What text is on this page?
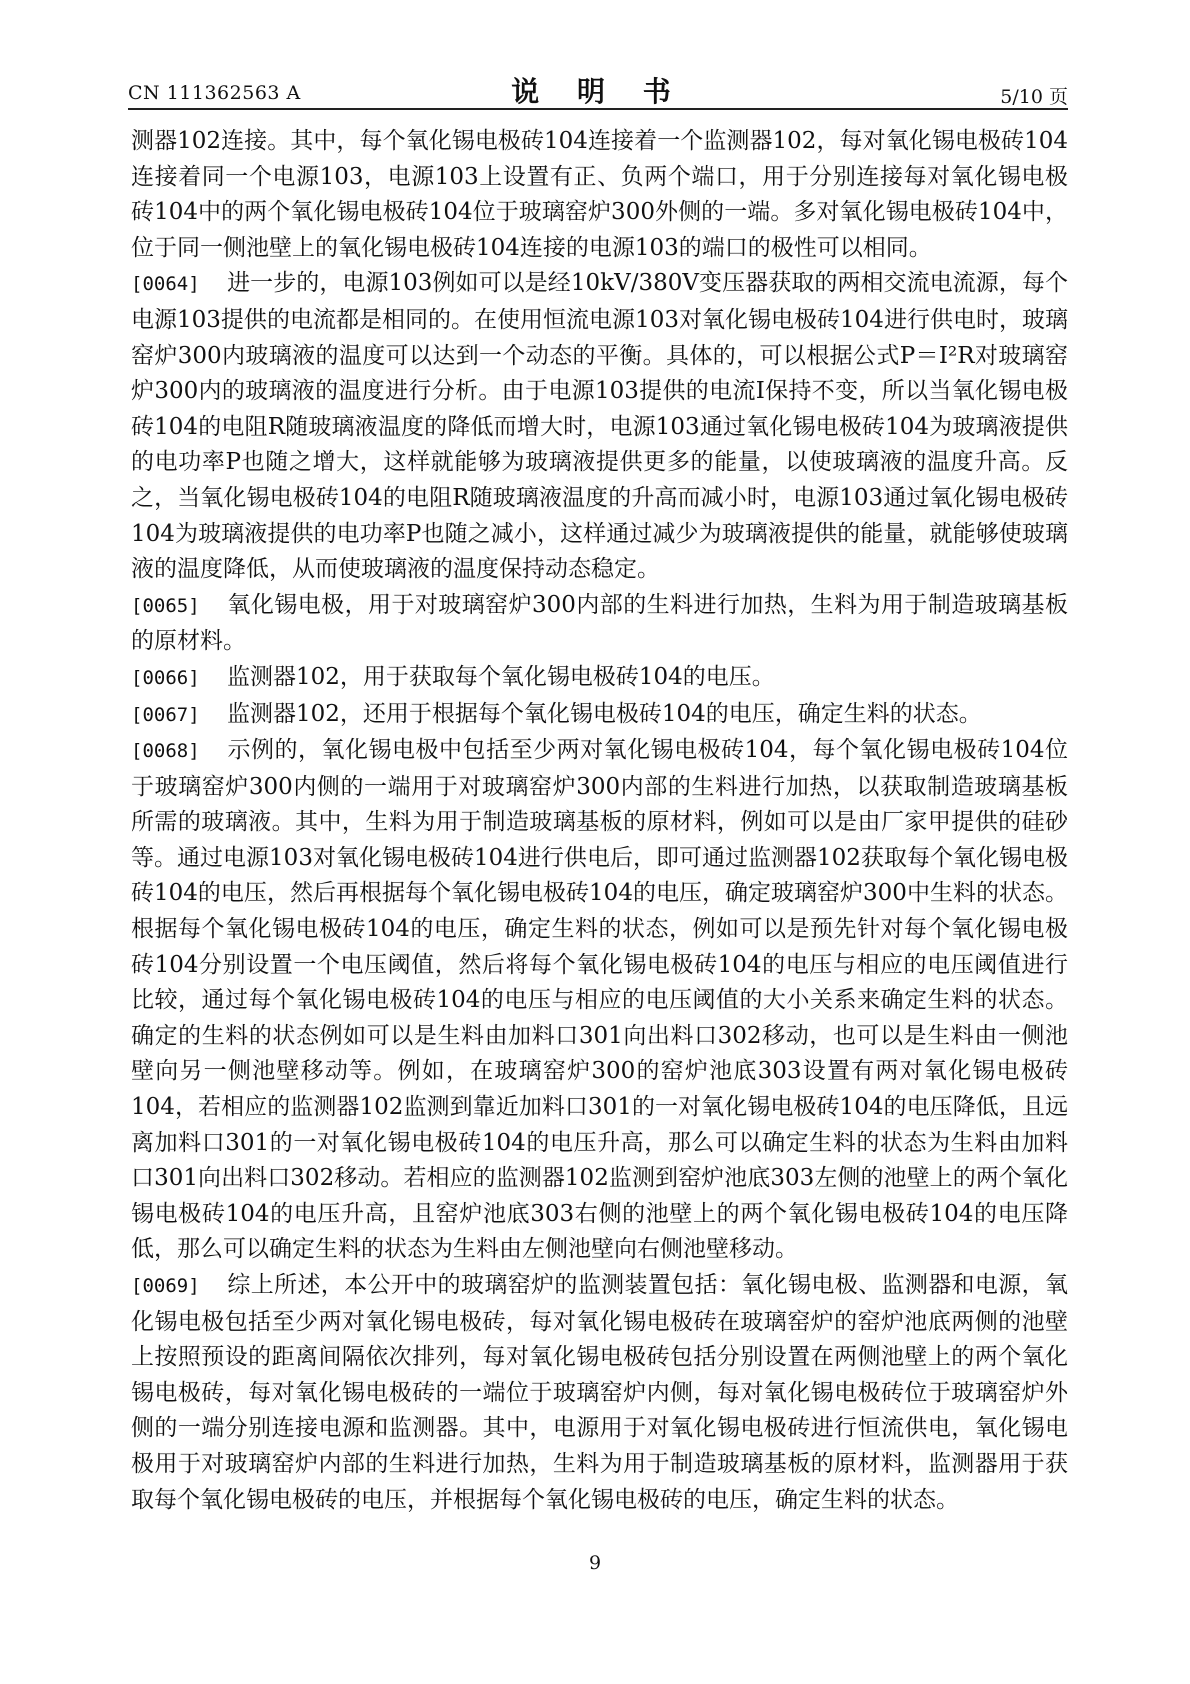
CN 111362563 A	说 明 书	5/10 页

测器102连接。其中，每个氧化锡电极砖104连接着一个监测器102，每对氧化锡电极砖104连接着同一个电源103，电源103上设置有正、负两个端口，用于分别连接每对氧化锡电极砖104中的两个氧化锡电极砖104位于玻璃窑炉300外侧的一端。多对氧化锡电极砖104中，位于同一侧池壁上的氧化锡电极砖104连接的电源103的端口的极性可以相同。

[0064] 进一步的，电源103例如可以是经10kV/380V变压器获取的两相交流电流源，每个电源103提供的电流都是相同的。在使用恒流电源103对氧化锡电极砖104进行供电时，玻璃窑炉300内玻璃液的温度可以达到一个动态的平衡。具体的，可以根据公式P＝I²R对玻璃窑炉300内的玻璃液的温度进行分析。由于电源103提供的电流I保持不变，所以当氧化锡电极砖104的电阻R随玻璃液温度的降低而增大时，电源103通过氧化锡电极砖104为玻璃液提供的电功率P也随之增大，这样就能够为玻璃液提供更多的能量，以使玻璃液的温度升高。反之，当氧化锡电极砖104的电阻R随玻璃液温度的升高而减小时，电源103通过氧化锡电极砖104为玻璃液提供的电功率P也随之减小，这样通过减少为玻璃液提供的能量，就能够使玻璃液的温度降低，从而使玻璃液的温度保持动态稳定。

[0065] 氧化锡电极，用于对玻璃窑炉300内部的生料进行加热，生料为用于制造玻璃基板的原材料。

[0066] 监测器102，用于获取每个氧化锡电极砖104的电压。

[0067] 监测器102，还用于根据每个氧化锡电极砖104的电压，确定生料的状态。

[0068] 示例的，氧化锡电极中包括至少两对氧化锡电极砖104，每个氧化锡电极砖104位于玻璃窑炉300内侧的一端用于对玻璃窑炉300内部的生料进行加热，以获取制造玻璃基板所需的玻璃液。其中，生料为用于制造玻璃基板的原材料，例如可以是由厂家甲提供的硅砂等。通过电源103对氧化锡电极砖104进行供电后，即可通过监测器102获取每个氧化锡电极砖104的电压，然后再根据每个氧化锡电极砖104的电压，确定玻璃窑炉300中生料的状态。根据每个氧化锡电极砖104的电压，确定生料的状态，例如可以是预先针对每个氧化锡电极砖104分别设置一个电压阈值，然后将每个氧化锡电极砖104的电压与相应的电压阈值进行比较，通过每个氧化锡电极砖104的电压与相应的电压阈值的大小关系来确定生料的状态。确定的生料的状态例如可以是生料由加料口301向出料口302移动，也可以是生料由一侧池壁向另一侧池壁移动等。例如，在玻璃窑炉300的窑炉池底303设置有两对氧化锡电极砖104，若相应的监测器102监测到靠近加料口301的一对氧化锡电极砖104的电压降低，且远离加料口301的一对氧化锡电极砖104的电压升高，那么可以确定生料的状态为生料由加料口301向出料口302移动。若相应的监测器102监测到窑炉池底303左侧的池壁上的两个氧化锡电极砖104的电压升高，且窑炉池底303右侧的池壁上的两个氧化锡电极砖104的电压降低，那么可以确定生料的状态为生料由左侧池壁向右侧池壁移动。

[0069] 综上所述，本公开中的玻璃窑炉的监测装置包括：氧化锡电极、监测器和电源，氧化锡电极包括至少两对氧化锡电极砖，每对氧化锡电极砖在玻璃窑炉的窑炉池底两侧的池壁上按照预设的距离间隔依次排列，每对氧化锡电极砖包括分别设置在两侧池壁上的两个氧化锡电极砖，每对氧化锡电极砖的一端位于玻璃窑炉内侧，每对氧化锡电极砖位于玻璃窑炉外侧的一端分别连接电源和监测器。其中，电源用于对氧化锡电极砖进行恒流供电，氧化锡电极用于对玻璃窑炉内部的生料进行加热，生料为用于制造玻璃基板的原材料，监测器用于获取每个氧化锡电极砖的电压，并根据每个氧化锡电极砖的电压，确定生料的状态。

9
